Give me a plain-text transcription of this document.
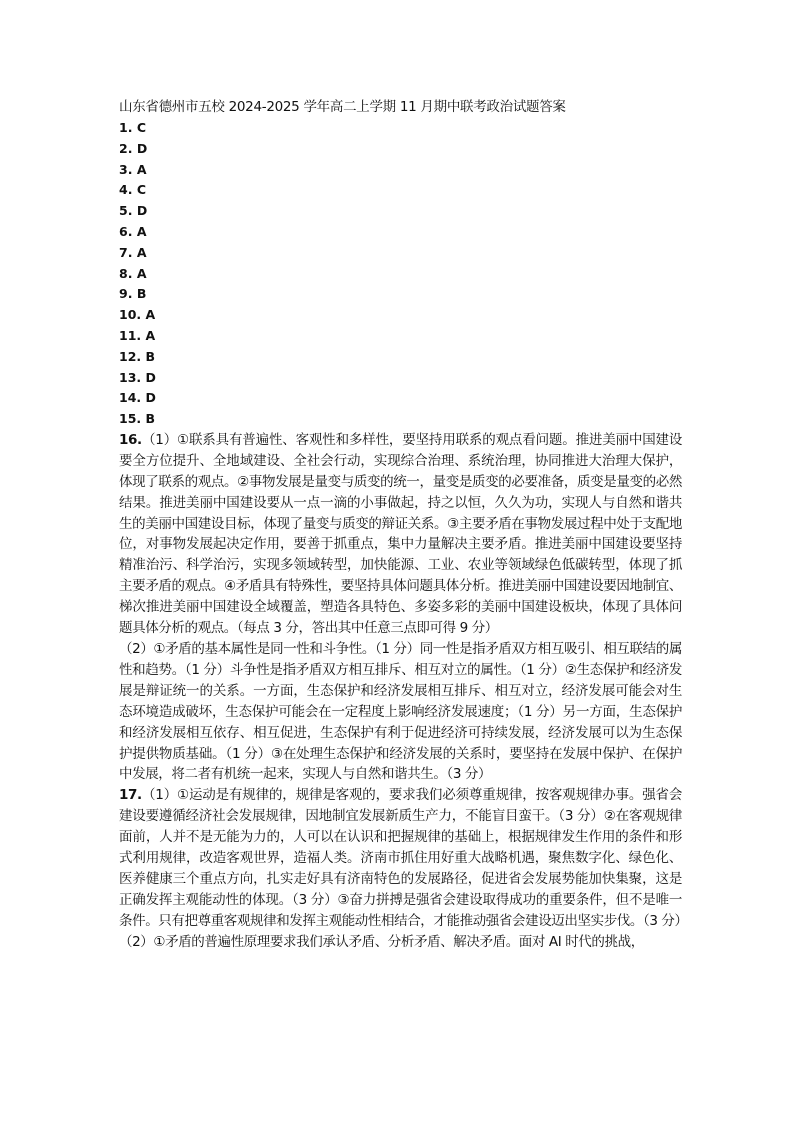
山东省德州市五校 2024-2025 学年高二上学期 11 月期中联考政治试题答案
1. C
2. D
3. A
4. C
5. D
6. A
7. A
8. A
9. B
10. A
11. A
12. B
13. D
14. D
15. B

16.（1）①联系具有普遍性、客观性和多样性，要坚持用联系的观点看问题。推进美丽中国建设要全方位提升、全地域建设、全社会行动，实现综合治理、系统治理，协同推进大治理大保护，体现了联系的观点。②事物发展是量变与质变的统一，量变是质变的必要准备，质变是量变的必然结果。推进美丽中国建设要从一点一滴的小事做起，持之以恒，久久为功，实现人与自然和谐共生的美丽中国建设目标，体现了量变与质变的辩证关系。③主要矛盾在事物发展过程中处于支配地位，对事物发展起决定作用，要善于抓重点，集中力量解决主要矛盾。推进美丽中国建设要坚持精准治污、科学治污，实现多领域转型，加快能源、工业、农业等领域绿色低碳转型，体现了抓主要矛盾的观点。④矛盾具有特殊性，要坚持具体问题具体分析。推进美丽中国建设要因地制宜、梯次推进美丽中国建设全域覆盖，塑造各具特色、多姿多彩的美丽中国建设板块，体现了具体问题具体分析的观点。（每点 3 分，答出其中任意三点即可得 9 分）

（2）①矛盾的基本属性是同一性和斗争性。（1 分）同一性是指矛盾双方相互吸引、相互联结的属性和趋势。（1 分）斗争性是指矛盾双方相互排斥、相互对立的属性。（1 分）②生态保护和经济发展是辩证统一的关系。一方面，生态保护和经济发展相互排斥、相互对立，经济发展可能会对生态环境造成破坏，生态保护可能会在一定程度上影响经济发展速度；（1 分）另一方面，生态保护和经济发展相互依存、相互促进，生态保护有利于促进经济可持续发展，经济发展可以为生态保护提供物质基础。（1 分）③在处理生态保护和经济发展的关系时，要坚持在发展中保护、在保护中发展，将二者有机统一起来，实现人与自然和谐共生。（3 分）

17.（1）①运动是有规律的，规律是客观的，要求我们必须尊重规律，按客观规律办事。强省会建设要遵循经济社会发展规律，因地制宜发展新质生产力，不能盲目蛮干。（3 分）②在客观规律面前，人并不是无能为力的，人可以在认识和把握规律的基础上，根据规律发生作用的条件和形式利用规律，改造客观世界，造福人类。济南市抓住用好重大战略机遇，聚焦数字化、绿色化、医养健康三个重点方向，扎实走好具有济南特色的发展路径，促进省会发展势能加快集聚，这是正确发挥主观能动性的体现。（3 分）③奋力拼搏是强省会建设取得成功的重要条件，但不是唯一条件。只有把尊重客观规律和发挥主观能动性相结合，才能推动强省会建设迈出坚实步伐。（3 分）

（2）①矛盾的普遍性原理要求我们承认矛盾、分析矛盾、解决矛盾。面对 AI 时代的挑战，
